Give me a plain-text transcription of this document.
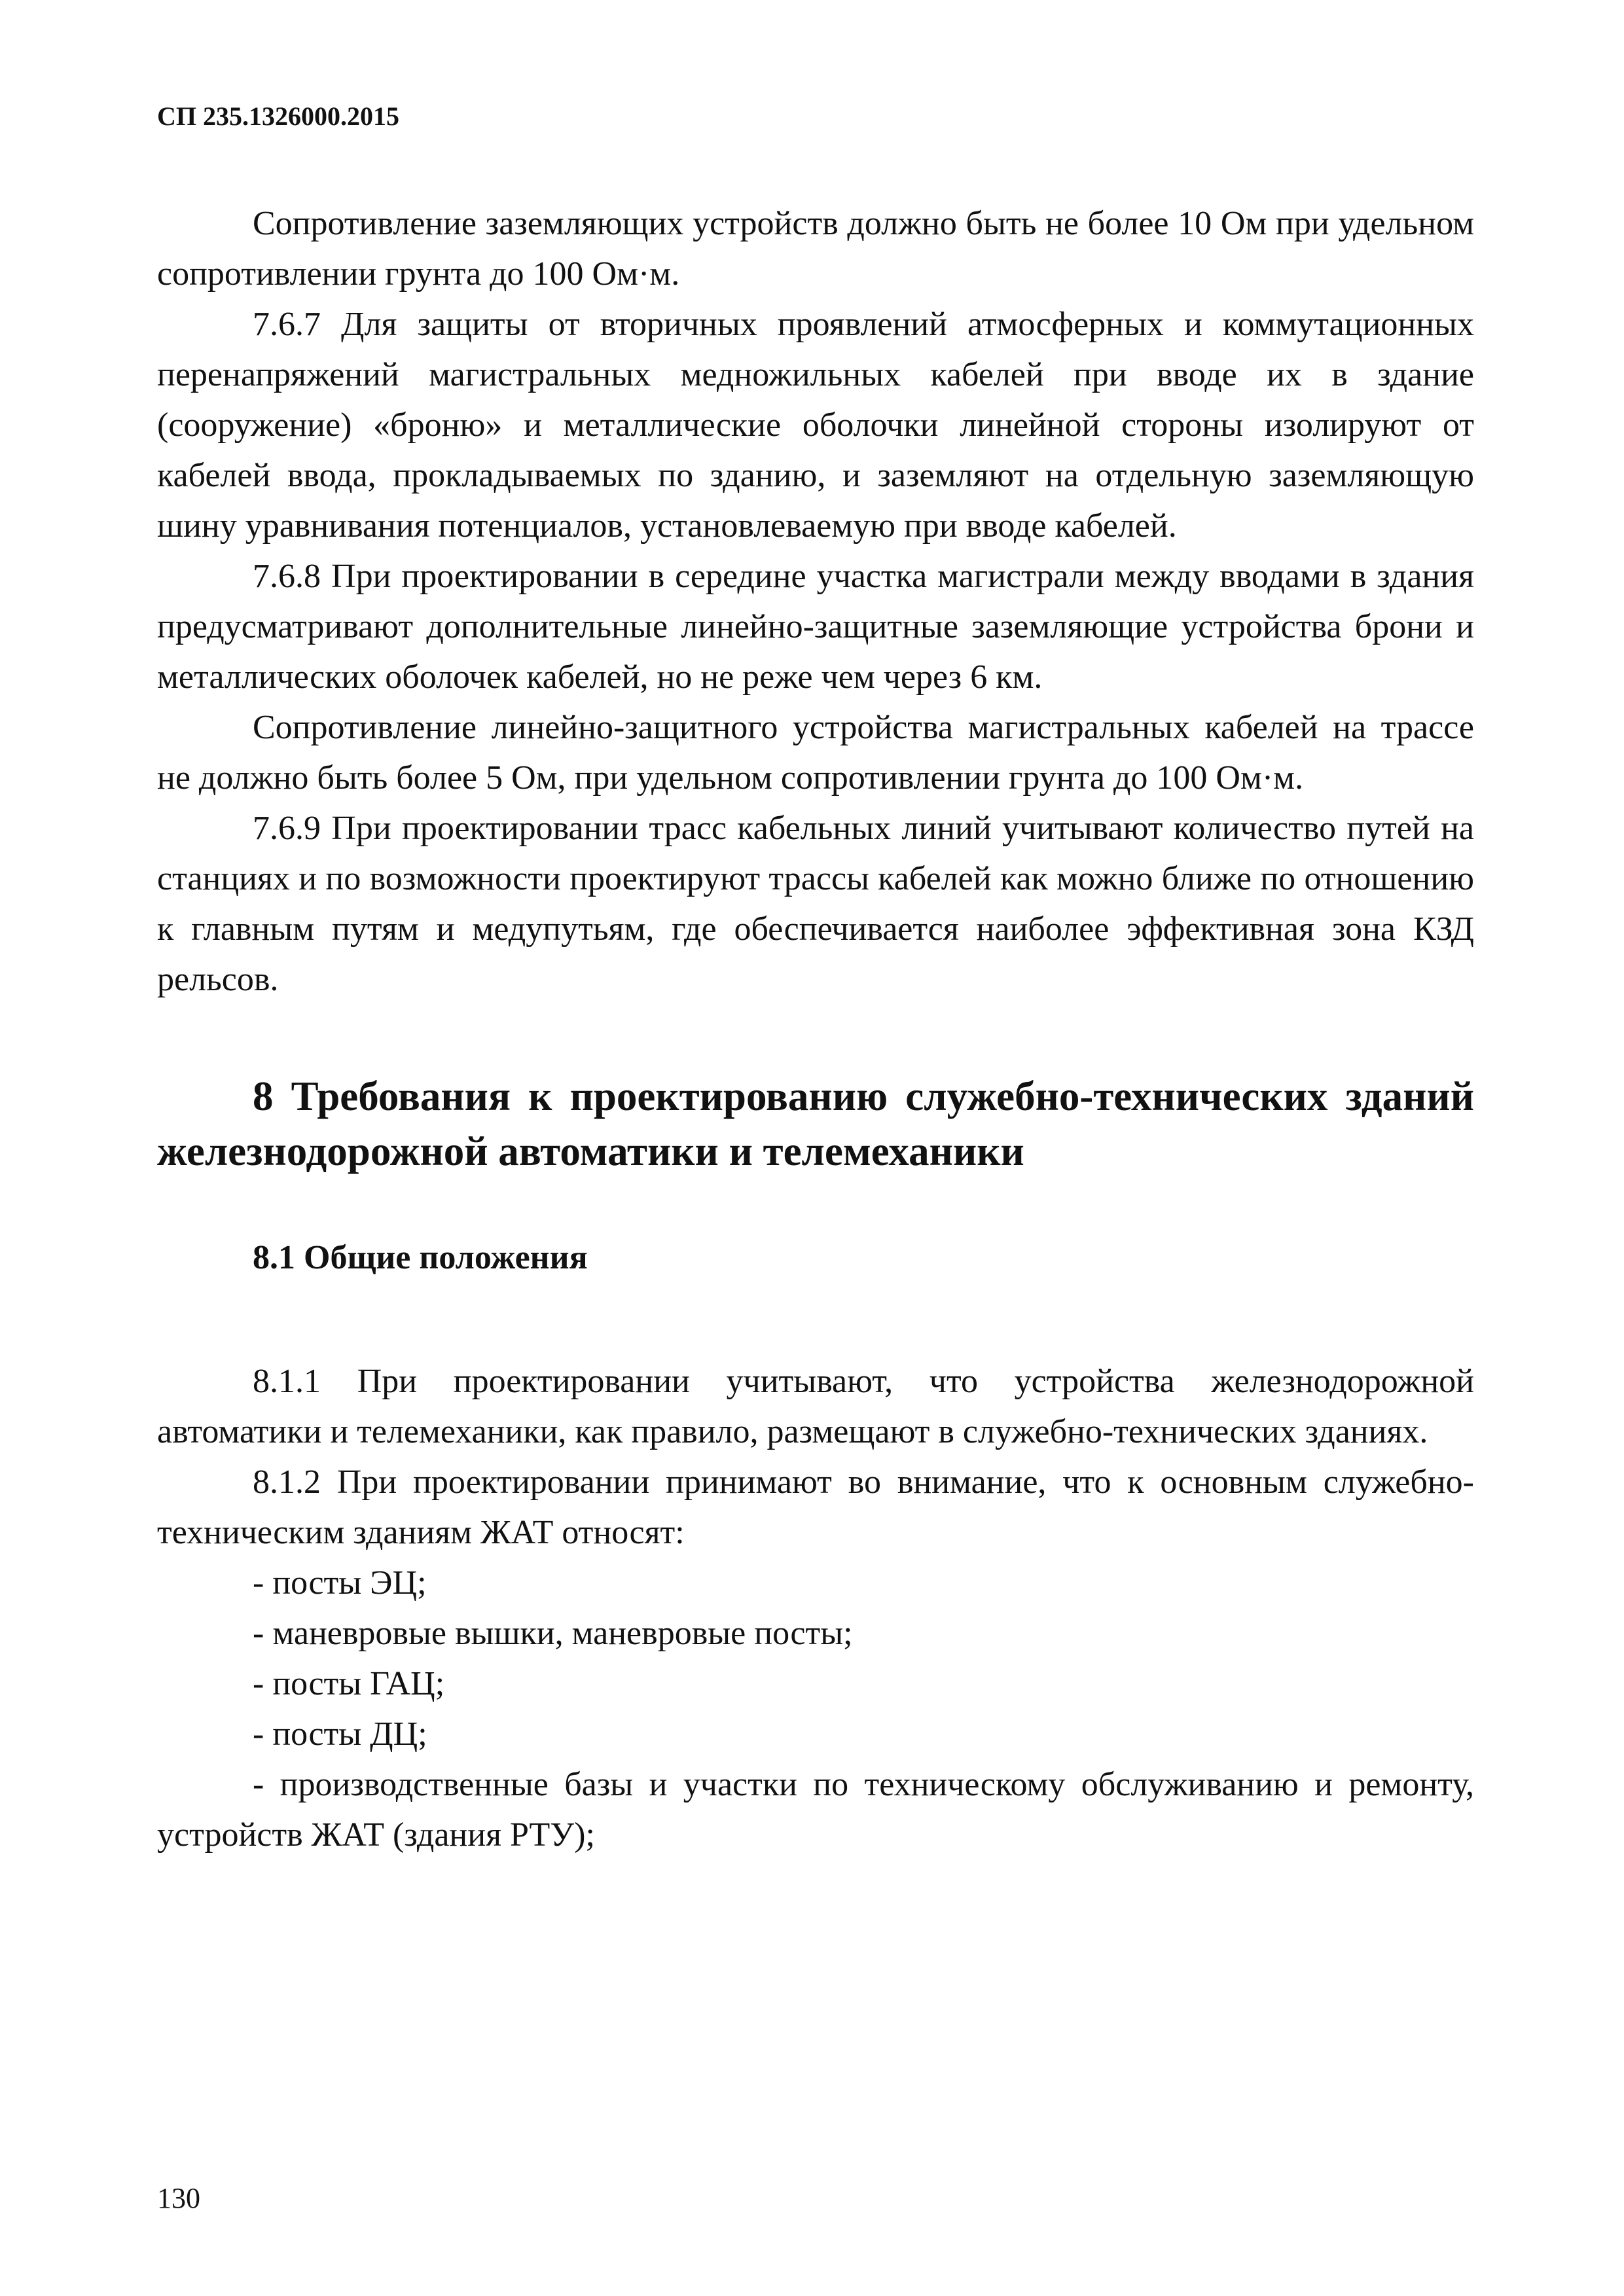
СП 235.1326000.2015

Сопротивление заземляющих устройств должно быть не более 10 Ом при удельном сопротивлении грунта до 100 Ом·м.

7.6.7 Для защиты от вторичных проявлений атмосферных и коммутационных перенапряжений магистральных медножильных кабелей при вводе их в здание (сооружение) «броню» и металлические оболочки линейной стороны изолируют от кабелей ввода, прокладываемых по зданию, и заземляют на отдельную заземляющую шину уравнивания потенциалов, установлеваемую при вводе кабелей.

7.6.8 При проектировании в середине участка магистрали между вводами в здания предусматривают дополнительные линейно-защитные заземляющие устройства брони и металлических оболочек кабелей, но не реже чем через 6 км.

Сопротивление линейно-защитного устройства магистральных кабелей на трассе не должно быть более 5 Ом, при удельном сопротивлении грунта до 100 Ом·м.

7.6.9 При проектировании трасс кабельных линий учитывают количество путей на станциях и по возможности проектируют трассы кабелей как можно ближе по отношению к главным путям и медупутьям, где обеспечивается наиболее эффективная зона КЗД рельсов.

8 Требования к проектированию служебно-технических зданий железнодорожной автоматики и телемеханики
8.1 Общие положения

8.1.1 При проектировании учитывают, что устройства железнодорожной автоматики и телемеханики, как правило, размещают в служебно-технических зданиях.

8.1.2 При проектировании принимают во внимание, что к основным служебно-техническим зданиям ЖАТ относят:

- посты ЭЦ;

- маневровые вышки, маневровые посты;

- посты ГАЦ;

- посты ДЦ;

- производственные базы и участки по техническому обслуживанию и ремонту, устройств ЖАТ (здания РТУ);

130
